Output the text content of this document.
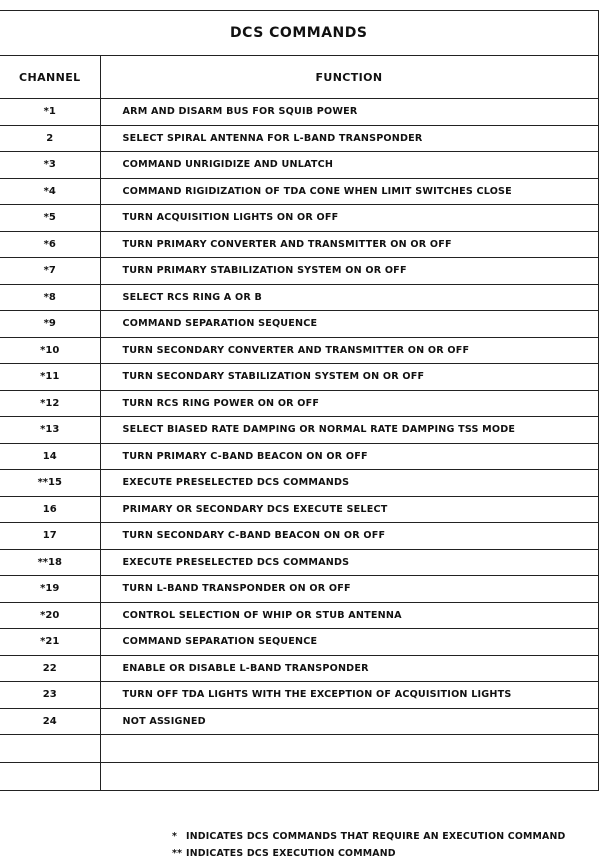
DCS COMMANDS	
CHANNEL	FUNCTION
*1	ARM AND DISARM BUS FOR SQUIB POWER
2	SELECT SPIRAL ANTENNA FOR L-BAND TRANSPONDER
*3	COMMAND UNRIGIDIZE AND UNLATCH
*4	COMMAND RIGIDIZATION OF TDA CONE WHEN LIMIT SWITCHES CLOSE
*5	TURN ACQUISITION LIGHTS ON OR OFF
*6	TURN PRIMARY CONVERTER AND TRANSMITTER ON OR OFF
*7	TURN PRIMARY STABILIZATION SYSTEM ON OR OFF
*8	SELECT RCS RING A OR B
*9	COMMAND SEPARATION SEQUENCE
*10	TURN SECONDARY CONVERTER AND TRANSMITTER ON OR OFF
*11	TURN SECONDARY STABILIZATION SYSTEM ON OR OFF
*12	TURN RCS RING POWER ON OR OFF
*13	SELECT BIASED RATE DAMPING OR NORMAL RATE DAMPING TSS MODE
14	TURN PRIMARY C-BAND BEACON ON OR OFF
**15	EXECUTE PRESELECTED DCS COMMANDS
16	PRIMARY OR SECONDARY DCS EXECUTE SELECT
17	TURN SECONDARY C-BAND BEACON ON OR OFF
**18	EXECUTE PRESELECTED DCS COMMANDS
*19	TURN L-BAND TRANSPONDER ON OR OFF
*20	CONTROL SELECTION OF WHIP OR STUB ANTENNA
*21	COMMAND SEPARATION SEQUENCE
22	ENABLE OR DISABLE L-BAND TRANSPONDER
23	TURN OFF TDA LIGHTS WITH THE EXCEPTION OF ACQUISITION LIGHTS
24	NOT ASSIGNED

* INDICATES DCS COMMANDS THAT REQUIRE AN EXECUTION COMMAND
** INDICATES DCS EXECUTION COMMAND
